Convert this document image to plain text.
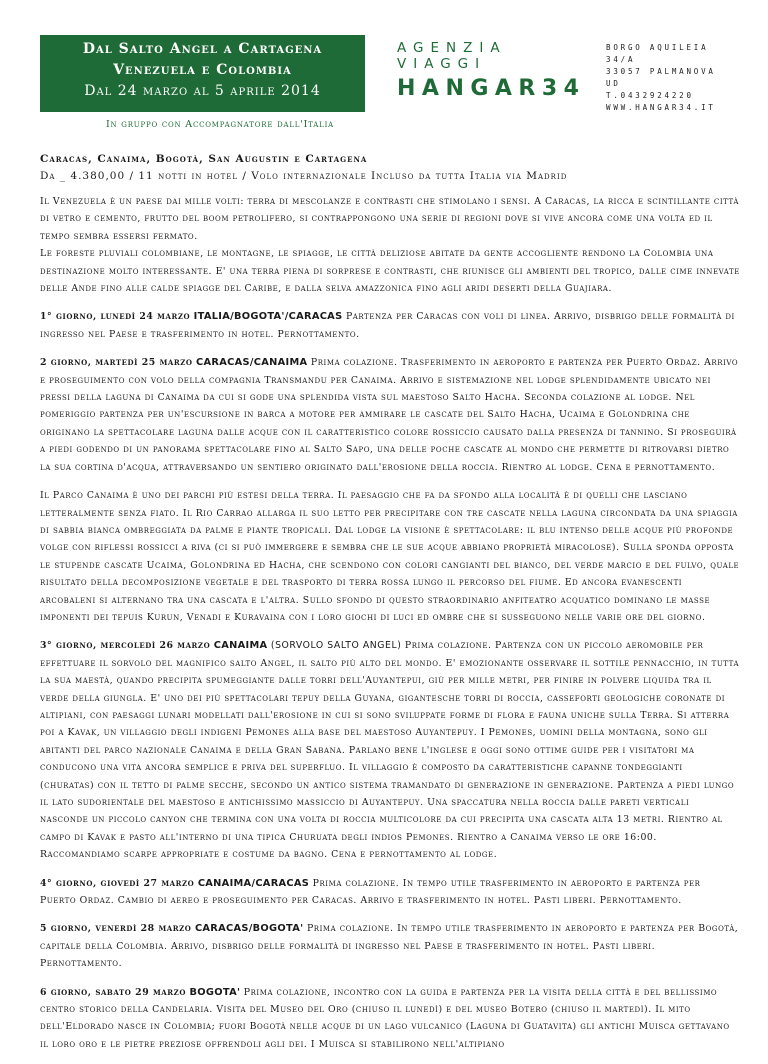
Dal Salto Angel a Cartagena
Venezuela e Colombia
Dal 24 marzo al 5 aprile 2014
AGENZIA VIAGGI
HANGAR34
BORGO AQUILEIA 34/A
33057 PALMANOVA UD
T.0432924220
WWW.HANGAR34.IT
In gruppo con Accompagnatore dall'Italia
Caracas, Canaima, Bogotà, San Augustin e Cartagena
Da _ 4.380,00 / 11 notti in hotel / Volo internazionale Incluso da tutta Italia via Madrid

Il Venezuela è un paese dai mille volti: terra di mescolanze e contrasti che stimolano i sensi. A Caracas, la ricca e scintillante città di vetro e cemento, frutto del boom petrolifero, si contrappongono una serie di regioni dove si vive ancora come una volta ed il tempo sembra essersi fermato.
Le foreste pluviali colombiane, le montagne, le spiagge, le città deliziose abitate da gente accogliente rendono la Colombia una destinazione molto interessante. E' una terra piena di sorprese e contrasti, che riunisce gli ambienti del tropico, dalle cime innevate delle Ande fino alle calde spiagge del Caribe, e dalla selva amazzonica fino agli aridi deserti della Guajiara.

1° giorno, lunedì 24 marzo ITALIA/BOGOTA'/CARACAS Partenza per Caracas con voli di linea. Arrivo, disbrigo delle formalità di ingresso nel Paese e trasferimento in hotel. Pernottamento.

2 giorno, martedì 25 marzo CARACAS/CANAIMA Prima colazione. Trasferimento in aeroporto e partenza per Puerto Ordaz. Arrivo e proseguimento con volo della compagnia Transmandu per Canaima. Arrivo e sistemazione nel lodge splendidamente ubicato nei pressi della laguna di Canaima da cui si gode una splendida vista sul maestoso Salto Hacha. Seconda colazione al lodge. Nel pomeriggio partenza per un'escursione in barca a motore per ammirare le cascate del Salto Hacha, Ucaima e Golondrina che originano la spettacolare laguna dalle acque con il caratteristico colore rossiccio causato dalla presenza di tannino. Si proseguirà a piedi godendo di un panorama spettacolare fino al Salto Sapo, una delle poche cascate al mondo che permette di ritrovarsi dietro la sua cortina d'acqua, attraversando un sentiero originato dall'erosione della roccia. Rientro al lodge. Cena e pernottamento.

Il Parco Canaima è uno dei parchi più estesi della terra. Il paesaggio che fa da sfondo alla località è di quelli che lasciano letteralmente senza fiato. Il Rio Carrao allarga il suo letto per precipitare con tre cascate nella laguna circondata da una spiaggia di sabbia bianca ombreggiata da palme e piante tropicali. Dal lodge la visione è spettacolare: il blu intenso delle acque più profonde volge con riflessi rossicci a riva (ci si può immergere e sembra che le sue acque abbiano proprietà miracolose). Sulla sponda opposta le stupende cascate Ucaima, Golondrina ed Hacha, che scendono con colori cangianti del bianco, del verde marcio e del fulvo, quale risultato della decomposizione vegetale e del trasporto di terra rossa lungo il percorso del fiume. Ed ancora evanescenti arcobaleni si alternano tra una cascata e l'altra. Sullo sfondo di questo straordinario anfiteatro acquatico dominano le masse imponenti dei tepuis Kurun, Venadi e Kuravaina con i loro giochi di luci ed ombre che si susseguono nelle varie ore del giorno.

3° giorno, mercoledì 26 marzo CANAIMA (SORVOLO SALTO ANGEL) Prima colazione. Partenza con un piccolo aeromobile per effettuare il sorvolo del magnifico salto Angel, il salto più alto del mondo. E' emozionante osservare il sottile pennacchio, in tutta la sua maestà, quando precipita spumeggiante dalle torri dell'Auyantepui, giù per mille metri, per finire in polvere liquida tra il verde della giungla. E' uno dei più spettacolari tepuy della Guyana, gigantesche torri di roccia, casseforti geologiche coronate di altipiani, con paesaggi lunari modellati dall'erosione in cui si sono sviluppate forme di flora e fauna uniche sulla Terra. Si atterra poi a Kavak, un villaggio degli indigeni Pemones alla base del maestoso Auyantepuy. I Pemones, uomini della montagna, sono gli abitanti del parco nazionale Canaima e della Gran Sabana. Parlano bene l'inglese e oggi sono ottime guide per i visitatori ma conducono una vita ancora semplice e priva del superfluo. Il villaggio è composto da caratteristiche capanne tondeggianti (churatas) con il tetto di palme secche, secondo un antico sistema tramandato di generazione in generazione. Partenza a piedi lungo il lato sudorientale del maestoso e antichissimo massiccio di Auyantepuy. Una spaccatura nella roccia dalle pareti verticali nasconde un piccolo canyon che termina con una volta di roccia multicolore da cui precipita una cascata alta 13 metri. Rientro al campo di Kavak e pasto all'interno di una tipica Churuata degli indios Pemones. Rientro a Canaima verso le ore 16:00. Raccomandiamo scarpe appropriate e costume da bagno. Cena e pernottamento al lodge.

4° giorno, giovedì 27 marzo CANAIMA/CARACAS Prima colazione. In tempo utile trasferimento in aeroporto e partenza per Puerto Ordaz. Cambio di aereo e proseguimento per Caracas. Arrivo e trasferimento in hotel. Pasti liberi. Pernottamento.

5 giorno, venerdì 28 marzo CARACAS/BOGOTA' Prima colazione. In tempo utile trasferimento in aeroporto e partenza per Bogotà, capitale della Colombia. Arrivo, disbrigo delle formalità di ingresso nel Paese e trasferimento in hotel. Pasti liberi. Pernottamento.

6 giorno, sabato 29 marzo BOGOTA' Prima colazione, incontro con la guida e partenza per la visita della città e del bellissimo centro storico della Candelaria. Visita del Museo del Oro (chiuso il lunedì) e del museo Botero (chiuso il martedì). Il mito dell'Eldorado nasce in Colombia; fuori Bogotà nelle acque di un lago vulcanico (Laguna di Guatavita) gli antichi Muisca gettavano il loro oro e le pietre preziose offrendoli agli dei. I Muisca si stabilirono nell'altipiano
